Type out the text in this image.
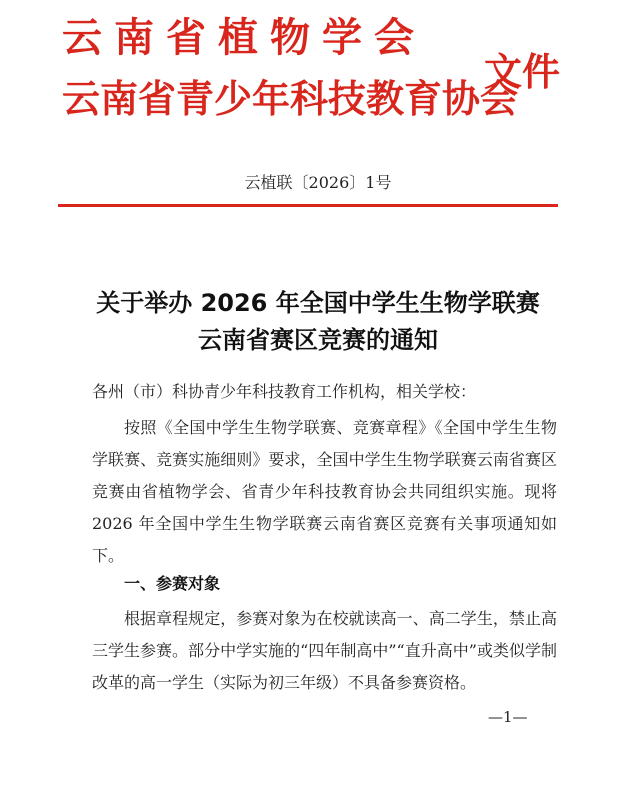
云南省植物学会
云南省青少年科技教育协会
文件
云植联〔2026〕1号
关于举办 2026 年全国中学生生物学联赛
云南省赛区竞赛的通知
各州（市）科协青少年科技教育工作机构，相关学校：
按照《全国中学生生物学联赛、竞赛章程》《全国中学生生物学联赛、竞赛实施细则》要求，全国中学生生物学联赛云南省赛区竞赛由省植物学会、省青少年科技教育协会共同组织实施。现将 2026 年全国中学生生物学联赛云南省赛区竞赛有关事项通知如下。
一、参赛对象
根据章程规定，参赛对象为在校就读高一、高二学生，禁止高三学生参赛。部分中学实施的“四年制高中”“直升高中”或类似学制改革的高一学生（实际为初三年级）不具备参赛资格。
—1—
